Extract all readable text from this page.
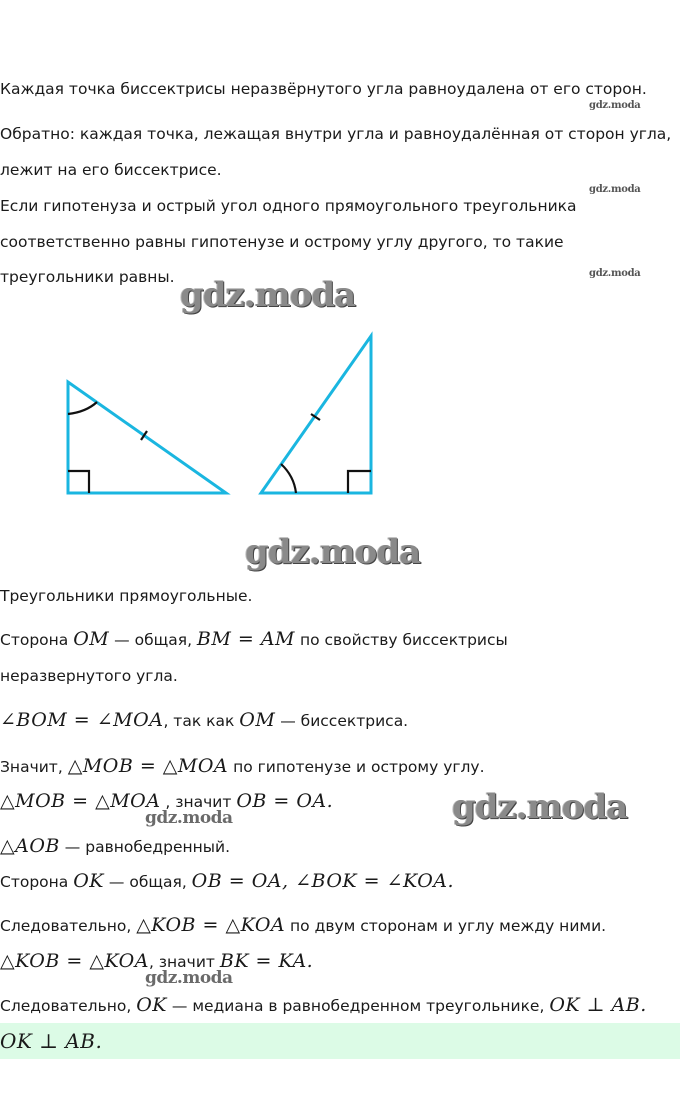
Каждая точка биссектрисы неразвёрнутого угла равноудалена от его сторон.
Обратно: каждая точка, лежащая внутри угла и равноудалённая от сторон угла,
лежит на его биссектрисе.
Если гипотенуза и острый угол одного прямоугольного треугольника
соответственно равны гипотенузе и острому углу другого, то такие
треугольники равны.
gdz.moda
gdz.moda
gdz.moda
gdz.moda
gdz.moda
gdz.moda
gdz.moda
gdz.moda
Треугольники прямоугольные.
Сторона OM — общая, BM = AM по свойству биссектрисы
неразвернутого угла.
∠BOM = ∠MOA, так как OM — биссектриса.
Значит, △MOB = △MOA по гипотенузе и острому углу.
△MOB = △MOA , значит OB = OA.
△AOB — равнобедренный.
Сторона OK — общая, OB = OA, ∠BOK = ∠KOA.
Следовательно, △KOB = △KOA по двум сторонам и углу между ними.
△KOB = △KOA, значит BK = KA.
Следовательно, OK — медиана в равнобедренном треугольнике, OK ⊥ AB.
OK ⊥ AB.
